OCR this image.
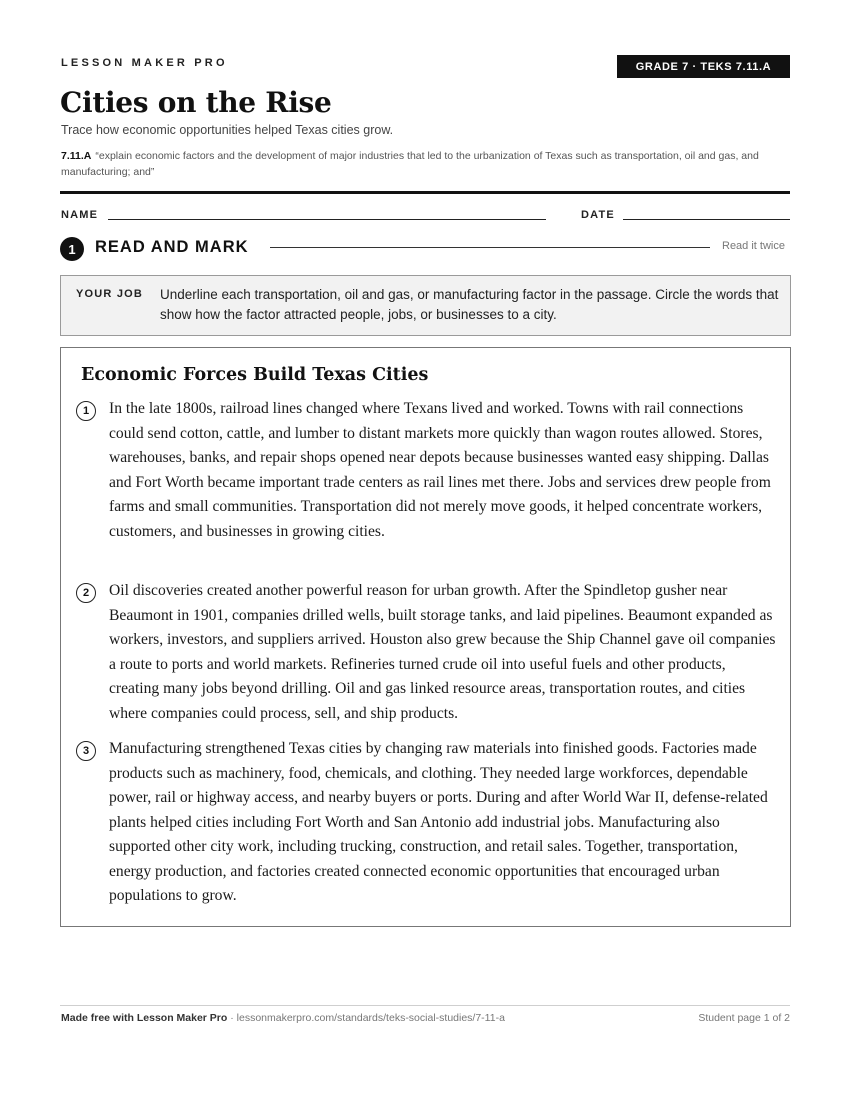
LESSON MAKER PRO	GRADE 7 · TEKS 7.11.A
Cities on the Rise
Trace how economic opportunities helped Texas cities grow.
7.11.A “explain economic factors and the development of major industries that led to the urbanization of Texas such as transportation, oil and gas, and manufacturing; and”
NAME	DATE
1	READ AND MARK	Read it twice
YOUR JOB Underline each transportation, oil and gas, or manufacturing factor in the passage. Circle the words that show how the factor attracted people, jobs, or businesses to a city.
Economic Forces Build Texas Cities
1	In the late 1800s, railroad lines changed where Texans lived and worked. Towns with rail connections could send cotton, cattle, and lumber to distant markets more quickly than wagon routes allowed. Stores, warehouses, banks, and repair shops opened near depots because businesses wanted easy shipping. Dallas and Fort Worth became important trade centers as rail lines met there. Jobs and services drew people from farms and small communities. Transportation did not merely move goods, it helped concentrate workers, customers, and businesses in growing cities.
2	Oil discoveries created another powerful reason for urban growth. After the Spindletop gusher near Beaumont in 1901, companies drilled wells, built storage tanks, and laid pipelines. Beaumont expanded as workers, investors, and suppliers arrived. Houston also grew because the Ship Channel gave oil companies a route to ports and world markets. Refineries turned crude oil into useful fuels and other products, creating many jobs beyond drilling. Oil and gas linked resource areas, transportation routes, and cities where companies could process, sell, and ship products.
3	Manufacturing strengthened Texas cities by changing raw materials into finished goods. Factories made products such as machinery, food, chemicals, and clothing. They needed large workforces, dependable power, rail or highway access, and nearby buyers or ports. During and after World War II, defense-related plants helped cities including Fort Worth and San Antonio add industrial jobs. Manufacturing also supported other city work, including trucking, construction, and retail sales. Together, transportation, energy production, and factories created connected economic opportunities that encouraged urban populations to grow.
Made free with Lesson Maker Pro · lessonmakerpro.com/standards/teks-social-studies/7-11-a	Student page 1 of 2
